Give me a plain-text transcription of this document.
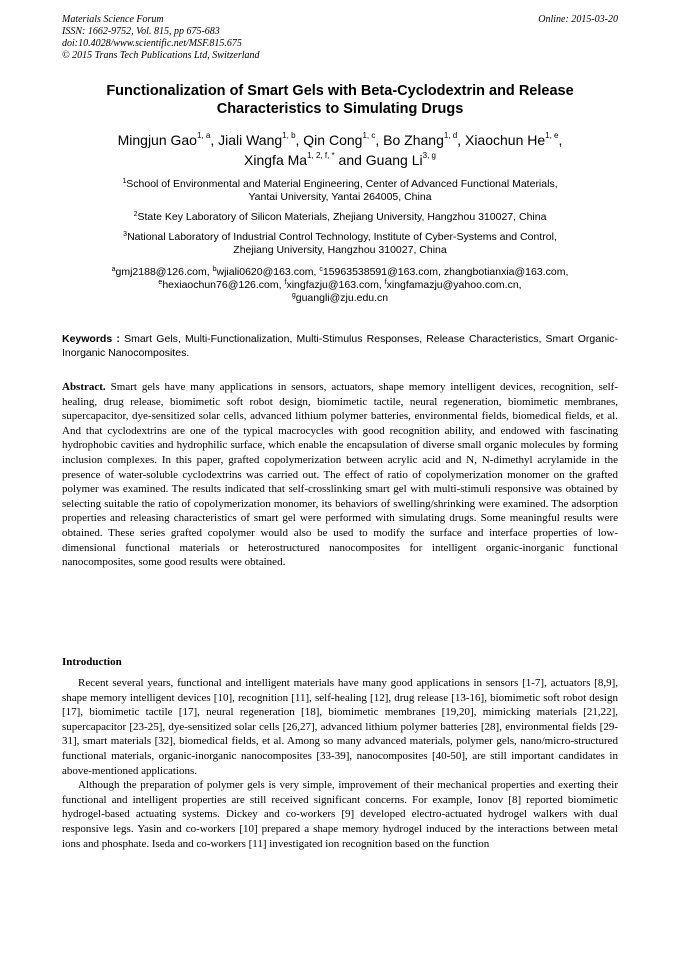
Materials Science Forum
ISSN: 1662-9752, Vol. 815, pp 675-683
doi:10.4028/www.scientific.net/MSF.815.675
© 2015 Trans Tech Publications Ltd, Switzerland
Online: 2015-03-20
Functionalization of Smart Gels with Beta-Cyclodextrin and Release Characteristics to Simulating Drugs
Mingjun Gao$^{1, a}$, Jiali Wang$^{1, b}$, Qin Cong$^{1, c}$, Bo Zhang$^{1, d}$, Xiaochun He$^{1, e}$,
Xingfa $Ma^{1, 2, f, *}$ and Guang Li$^{3, g}$
$^1$School of Environmental and Material Engineering, Center of Advanced Functional Materials,
Yantai University, Yantai 264005, China
$^2$State Key Laboratory of Silicon Materials, Zhejiang University, Hangzhou 310027, China
$^3$National Laboratory of Industrial Control Technology, Institute of Cyber-Systems and Control,
Zhejiang University, Hangzhou 310027, China
$^a$gmj2188@126.com, $^b$wjiali0620@163.com, $^c$15963538591@163.com, zhangbotianxia@163.com,
$^e$hexiaochun76@126.com, $^f$xingfazju@163.com, $^f$xingfamazju@yahoo.com.cn,
$^g$guangli@zju.edu.cn
Keywords : Smart Gels, Multi-Functionalization, Multi-Stimulus Responses, Release Characteristics, Smart Organic-Inorganic Nanocomposites.
Abstract. Smart gels have many applications in sensors, actuators, shape memory intelligent devices, recognition, self-healing, drug release, biomimetic soft robot design, biomimetic tactile, neural regeneration, biomimetic membranes, supercapacitor, dye-sensitized solar cells, advanced lithium polymer batteries, environmental fields, biomedical fields, et al. And that cyclodextrins are one of the typical macrocycles with good recognition ability, and endowed with fascinating hydrophobic cavities and hydrophilic surface, which enable the encapsulation of diverse small organic molecules by forming inclusion complexes. In this paper, grafted copolymerization between acrylic acid and N, N-dimethyl acrylamide in the presence of water-soluble cyclodextrins was carried out. The effect of ratio of copolymerization monomer on the grafted polymer was examined. The results indicated that self-crosslinking smart gel with multi-stimuli responsive was obtained by selecting suitable the ratio of copolymerization monomer, its behaviors of swelling/shrinking were examined. The adsorption properties and releasing characteristics of smart gel were performed with simulating drugs. Some meaningful results were obtained. These series grafted copolymer would also be used to modify the surface and interface properties of low-dimensional functional materials or heterostructured nanocomposites for intelligent organic-inorganic functional nanocomposites, some good results were obtained.
Introduction

Recent several years, functional and intelligent materials have many good applications in sensors [1-7], actuators [8,9], shape memory intelligent devices [10], recognition [11], self-healing [12], drug release [13-16], biomimetic soft robot design [17], biomimetic tactile [17], neural regeneration [18], biomimetic membranes [19,20], mimicking materials [21,22], supercapacitor [23-25], dye-sensitized solar cells [26,27], advanced lithium polymer batteries [28], environmental fields [29-31], smart materials [32], biomedical fields, et al. Among so many advanced materials, polymer gels, nano/micro-structured functional materials, organic-inorganic nanocomposites [33-39], nanocomposites [40-50], are still important candidates in above-mentioned applications.

Although the preparation of polymer gels is very simple, improvement of their mechanical properties and exerting their functional and intelligent properties are still received significant concerns. For example, Ionov [8] reported biomimetic hydrogel-based actuating systems. Dickey and co-workers [9] developed electro-actuated hydrogel walkers with dual responsive legs. Yasin and co-workers [10] prepared a shape memory hydrogel induced by the interactions between metal ions and phosphate. Iseda and co-workers [11] investigated ion recognition based on the function
